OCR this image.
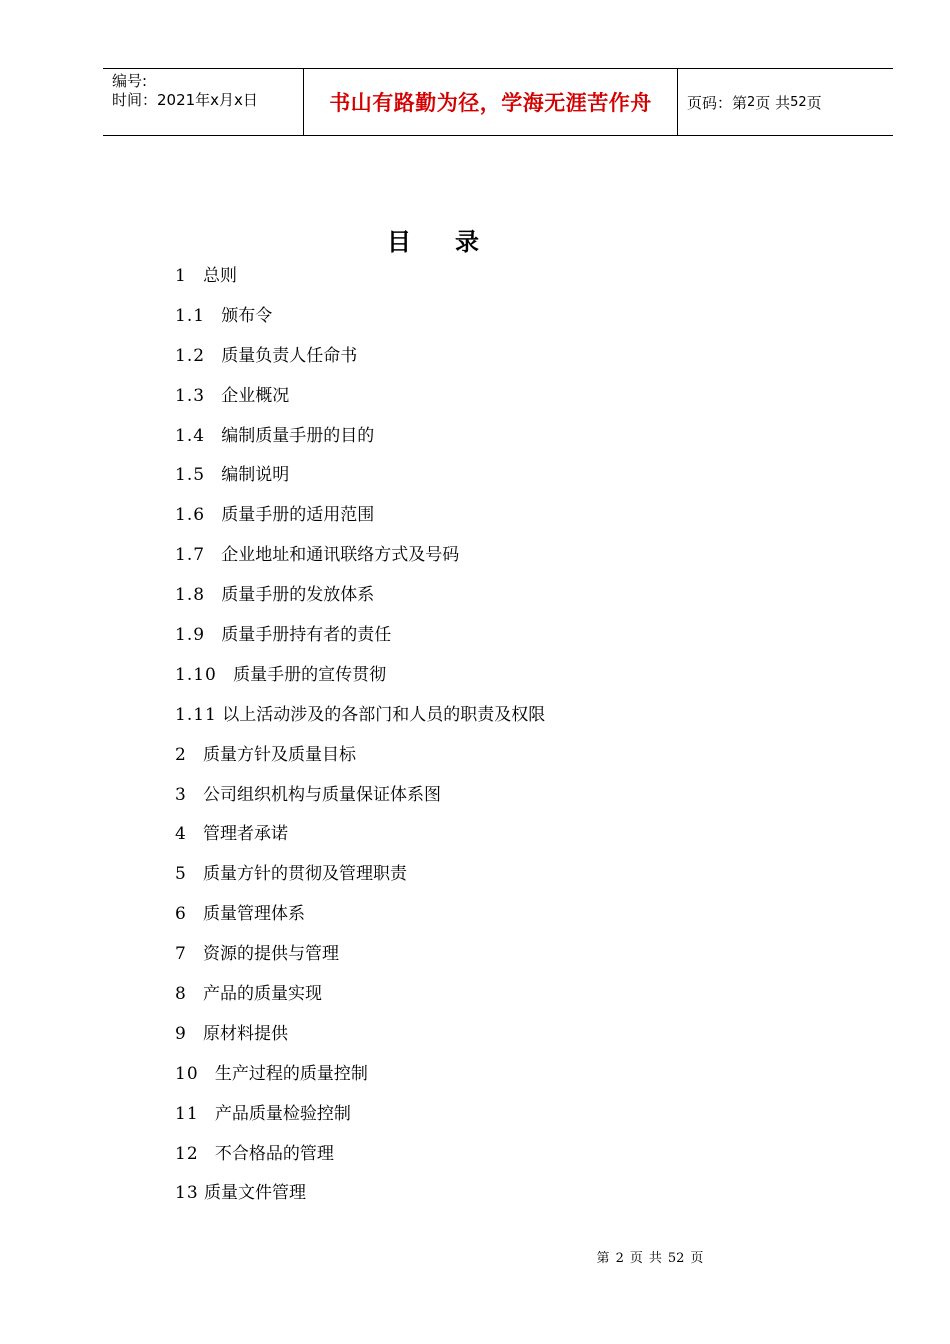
编号:
时间：2021年x月x日	书山有路勤为径，学海无涯苦作舟	页码：第 2 页 共 52 页
目录
1 总则
1.1 颁布令
1.2 质量负责人任命书
1.3 企业概况
1.4 编制质量手册的目的
1.5 编制说明
1.6 质量手册的适用范围
1.7 企业地址和通讯联络方式及号码
1.8 质量手册的发放体系
1.9 质量手册持有者的责任
1.10 质量手册的宣传贯彻
1.11 以上活动涉及的各部门和人员的职责及权限
2 质量方针及质量目标
3 公司组织机构与质量保证体系图
4 管理者承诺
5 质量方针的贯彻及管理职责
6 质量管理体系
7 资源的提供与管理
8 产品的质量实现
9 原材料提供
10 生产过程的质量控制
11 产品质量检验控制
12 不合格品的管理
13 质量文件管理
第 2 页 共 52 页
